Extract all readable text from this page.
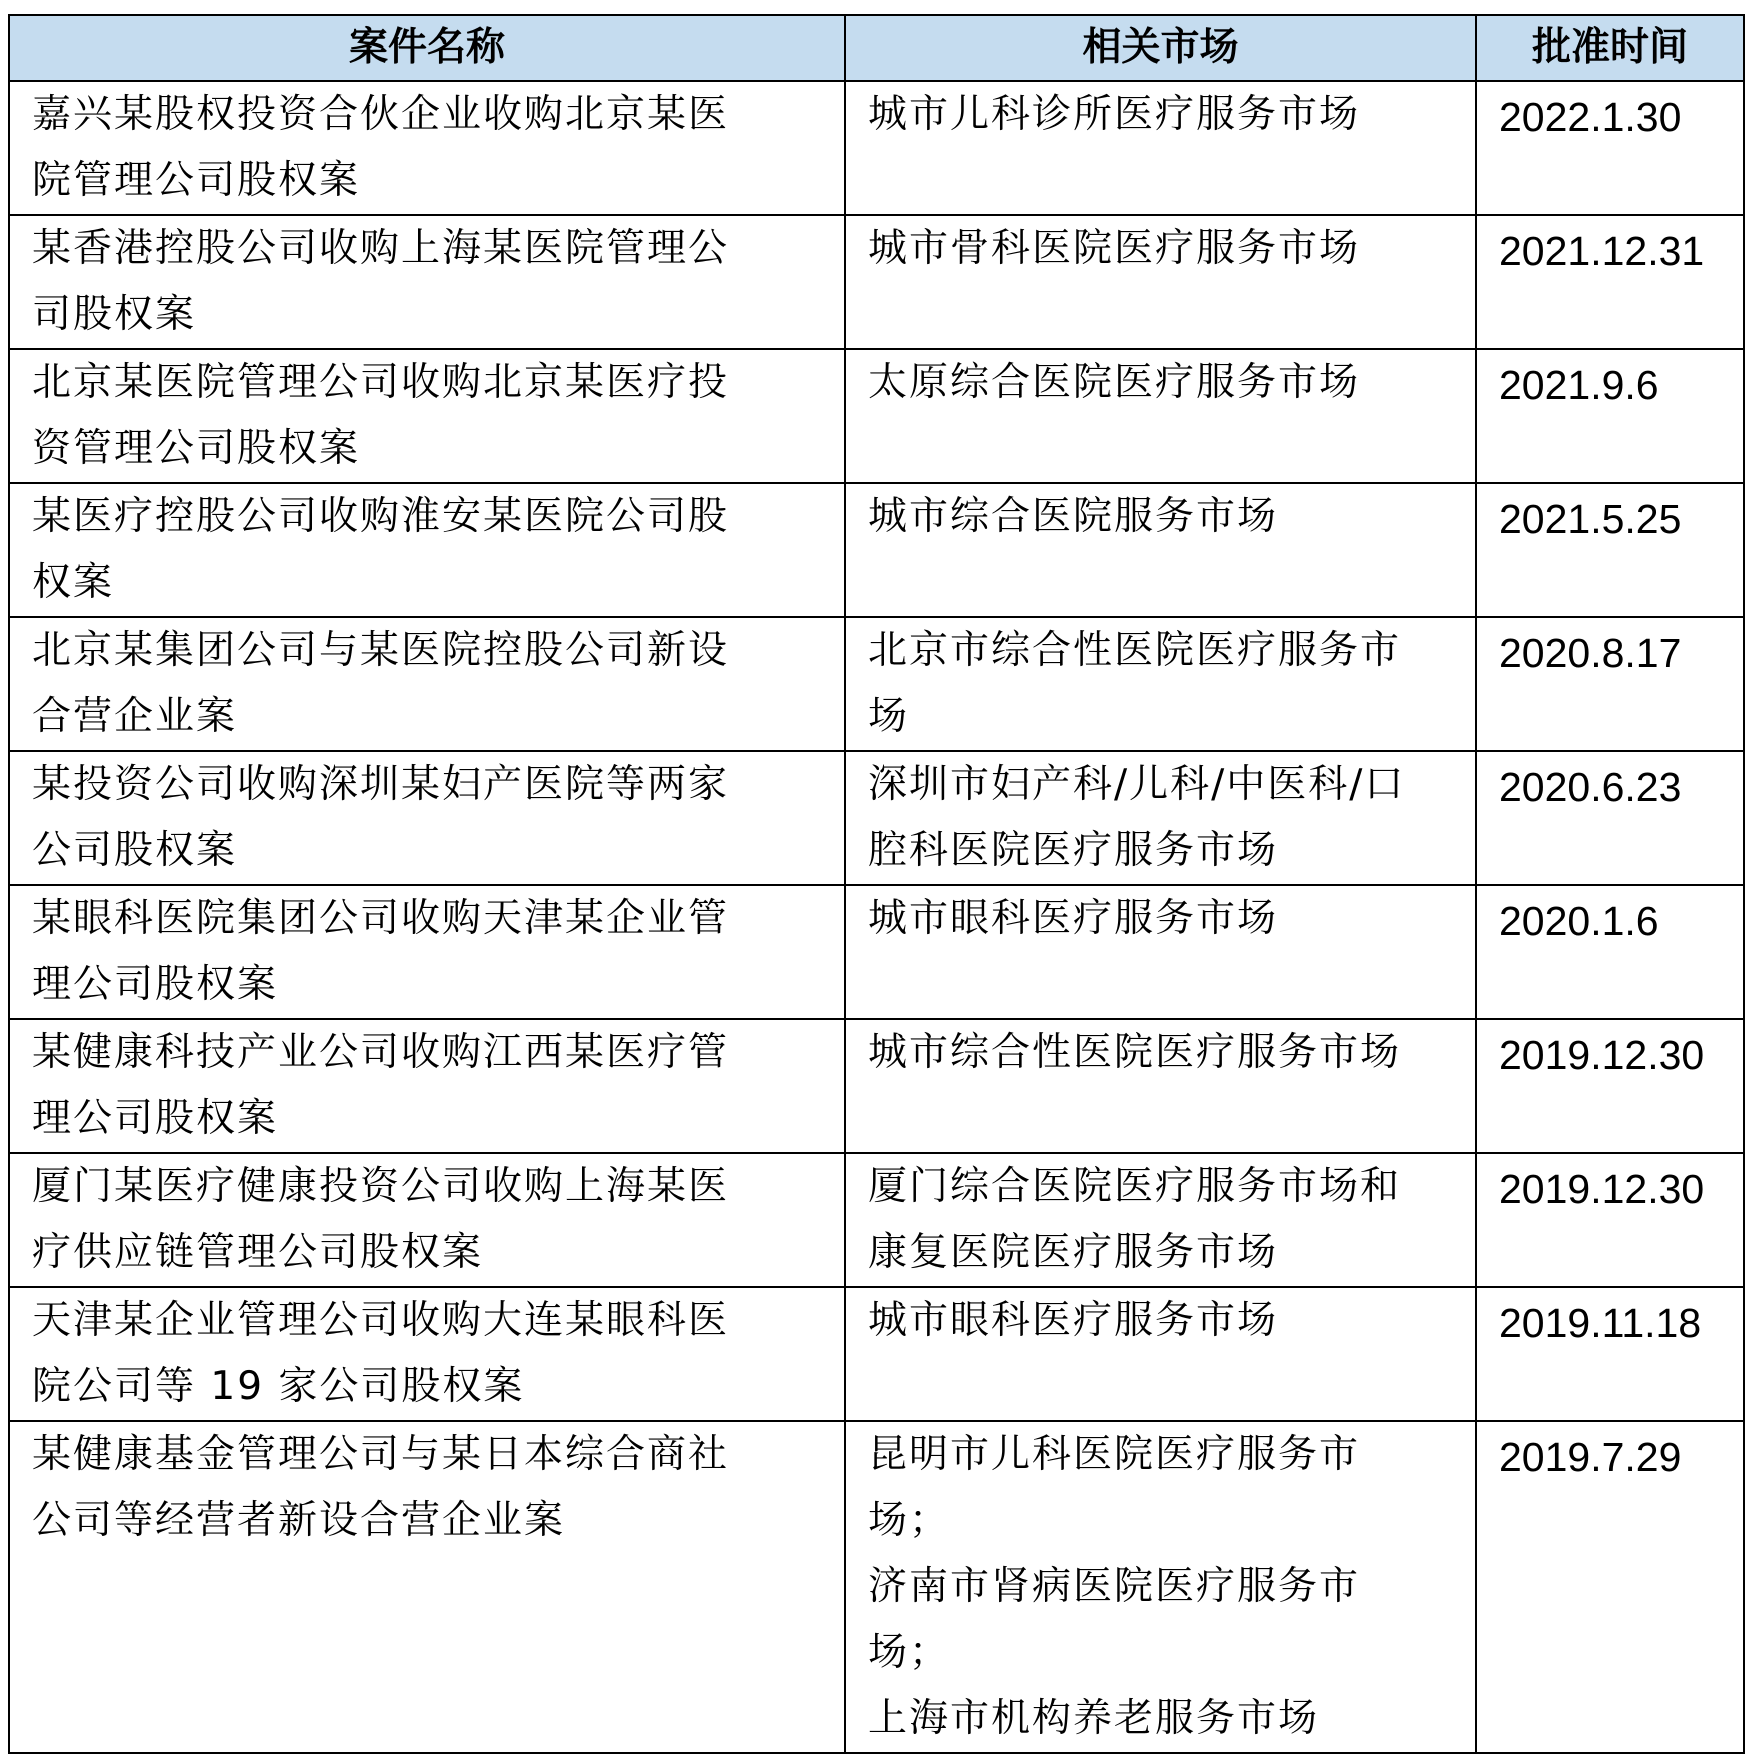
案件名称	相关市场	批准时间

嘉兴某股权投资合伙企业收购北京某医
院管理公司股权案	城市儿科诊所医疗服务市场	2022.1.30

某香港控股公司收购上海某医院管理公
司股权案	城市骨科医院医疗服务市场	2021.12.31

北京某医院管理公司收购北京某医疗投
资管理公司股权案	太原综合医院医疗服务市场	2021.9.6

某医疗控股公司收购淮安某医院公司股
权案	城市综合医院服务市场	2021.5.25

北京某集团公司与某医院控股公司新设
合营企业案	北京市综合性医院医疗服务市
场	2020.8.17

某投资公司收购深圳某妇产医院等两家
公司股权案	深圳市妇产科/儿科/中医科/口
腔科医院医疗服务市场	2020.6.23

某眼科医院集团公司收购天津某企业管
理公司股权案	城市眼科医疗服务市场	2020.1.6

某健康科技产业公司收购江西某医疗管
理公司股权案	城市综合性医院医疗服务市场	2019.12.30

厦门某医疗健康投资公司收购上海某医
疗供应链管理公司股权案	厦门综合医院医疗服务市场和
康复医院医疗服务市场	2019.12.30

天津某企业管理公司收购大连某眼科医
院公司等 19 家公司股权案	城市眼科医疗服务市场	2019.11.18

某健康基金管理公司与某日本综合商社
公司等经营者新设合营企业案	昆明市儿科医院医疗服务市
场；
济南市肾病医院医疗服务市
场；
上海市机构养老服务市场	2019.7.29
